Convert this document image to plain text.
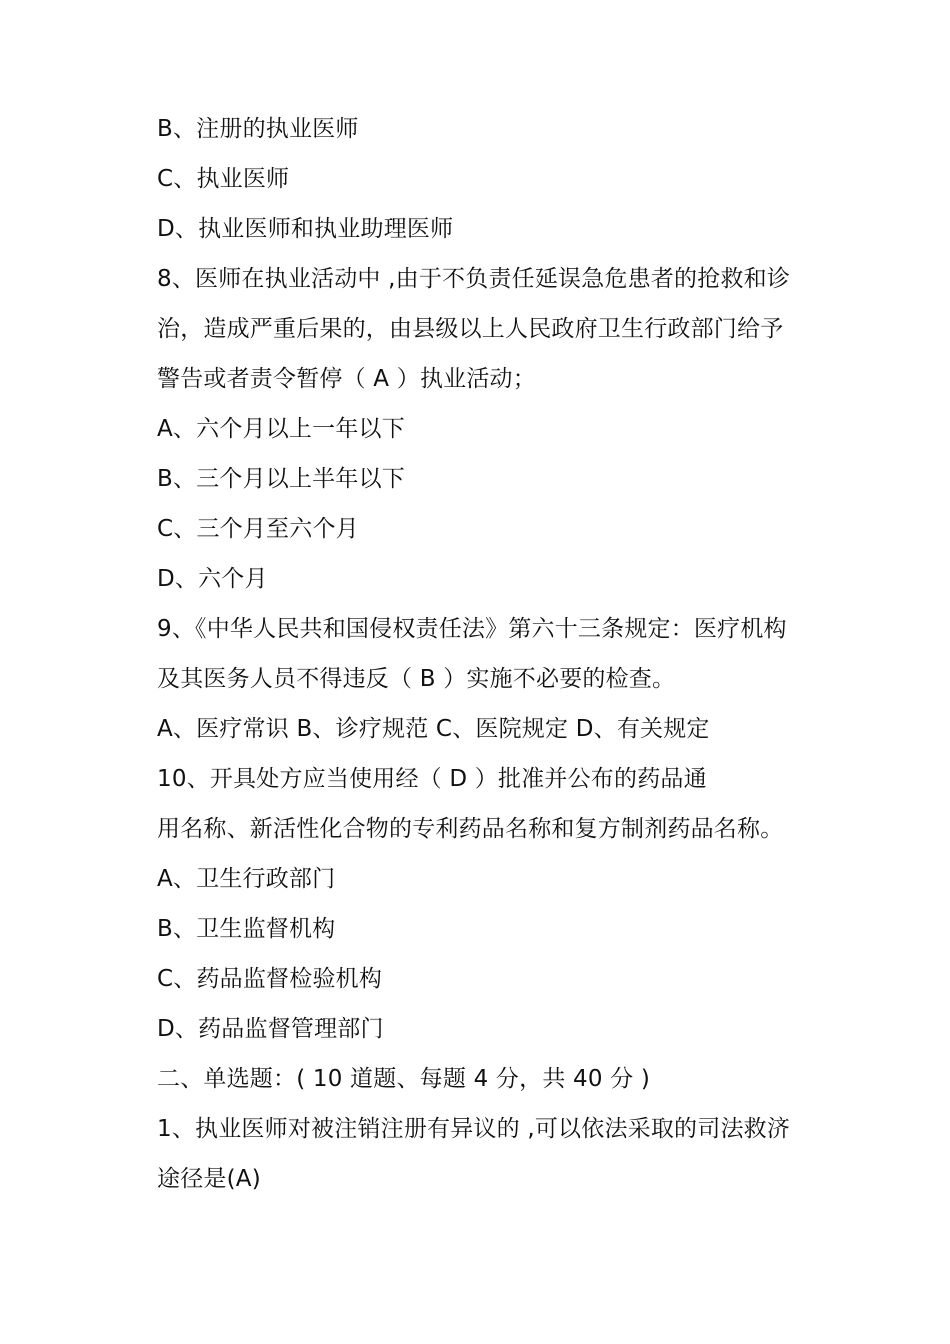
B、注册的执业医师
C、执业医师
D、执业医师和执业助理医师
8、医师在执业活动中 ,由于不负责任延误急危患者的抢救和诊
治，造成严重后果的，由县级以上人民政府卫生行政部门给予
警告或者责令暂停（ A ）执业活动；
A、六个月以上一年以下
B、三个月以上半年以下
C、三个月至六个月
D、六个月
9、《中华人民共和国侵权责任法》第六十三条规定：医疗机构
及其医务人员不得违反（ B ）实施不必要的检查。
A、医疗常识 B、诊疗规范 C、医院规定 D、有关规定
10、开具处方应当使用经（ D ）批准并公布的药品通
用名称、新活性化合物的专利药品名称和复方制剂药品名称。
A、卫生行政部门
B、卫生监督机构
C、药品监督检验机构
D、药品监督管理部门
二、单选题：( 10 道题、每题 4 分，共 40 分 )
1、执业医师对被注销注册有异议的 ,可以依法采取的司法救济
途径是(A)
